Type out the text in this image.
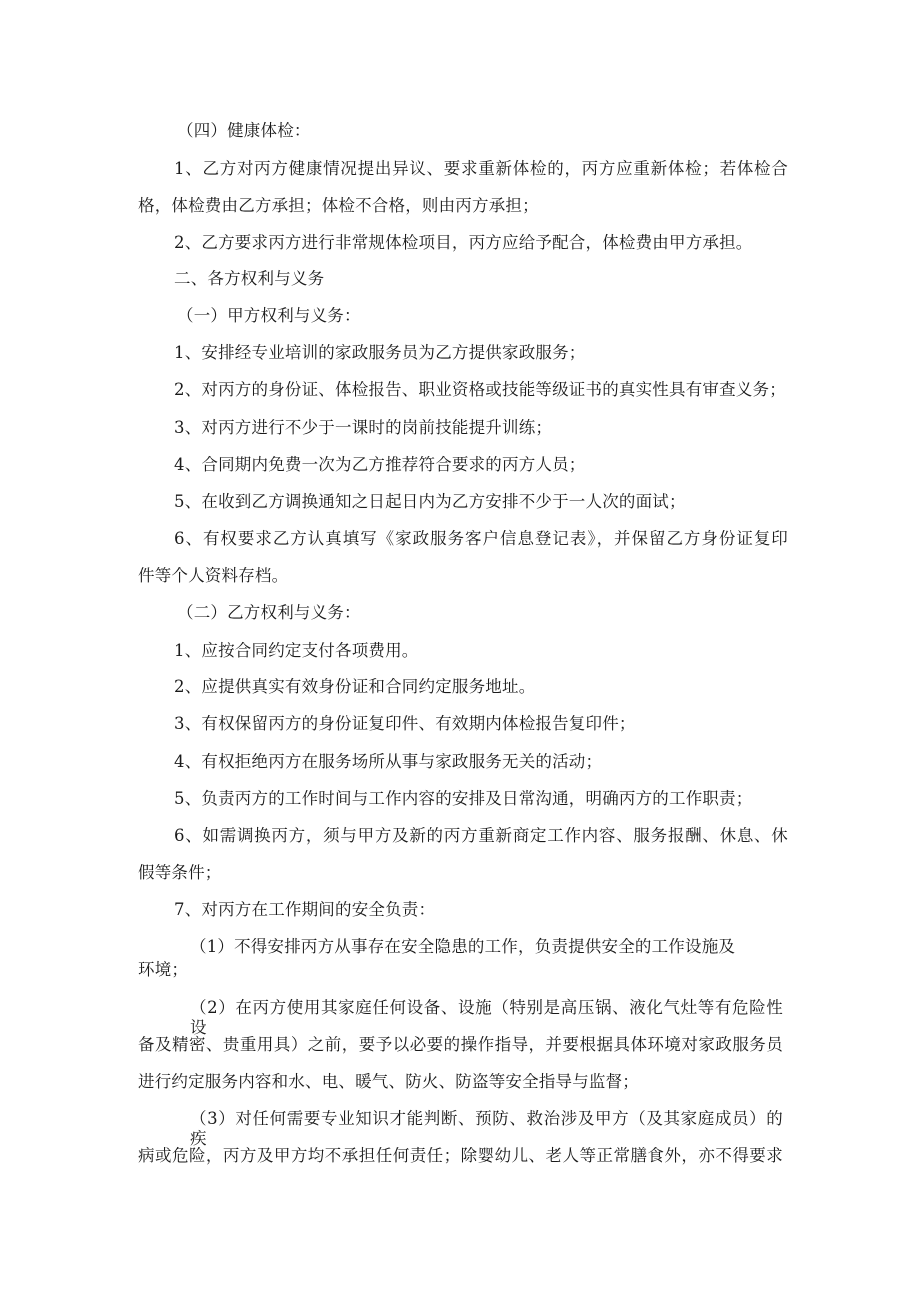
（四）健康体检：
1、乙方对丙方健康情况提出异议、要求重新体检的，丙方应重新体检；若体检合
格，体检费由乙方承担；体检不合格，则由丙方承担；
2、乙方要求丙方进行非常规体检项目，丙方应给予配合，体检费由甲方承担。
二、各方权利与义务
（一）甲方权利与义务：
1、安排经专业培训的家政服务员为乙方提供家政服务；
2、对丙方的身份证、体检报告、职业资格或技能等级证书的真实性具有审查义务；
3、对丙方进行不少于一课时的岗前技能提升训练；
4、合同期内免费一次为乙方推荐符合要求的丙方人员；
5、在收到乙方调换通知之日起日内为乙方安排不少于一人次的面试；
6、有权要求乙方认真填写《家政服务客户信息登记表》，并保留乙方身份证复印
件等个人资料存档。
（二）乙方权利与义务：
1、应按合同约定支付各项费用。
2、应提供真实有效身份证和合同约定服务地址。
3、有权保留丙方的身份证复印件、有效期内体检报告复印件；
4、有权拒绝丙方在服务场所从事与家政服务无关的活动；
5、负责丙方的工作时间与工作内容的安排及日常沟通，明确丙方的工作职责；
6、如需调换丙方，须与甲方及新的丙方重新商定工作内容、服务报酬、休息、休
假等条件；
7、对丙方在工作期间的安全负责：
（1）不得安排丙方从事存在安全隐患的工作，负责提供安全的工作设施及
环境；
（2）在丙方使用其家庭任何设备、设施（特别是高压锅、液化气灶等有危险性设
备及精密、贵重用具）之前，要予以必要的操作指导，并要根据具体环境对家政服务员
进行约定服务内容和水、电、暖气、防火、防盗等安全指导与监督；
（3）对任何需要专业知识才能判断、预防、救治涉及甲方（及其家庭成员）的疾
病或危险，丙方及甲方均不承担任何责任；除婴幼儿、老人等正常膳食外，亦不得要求
